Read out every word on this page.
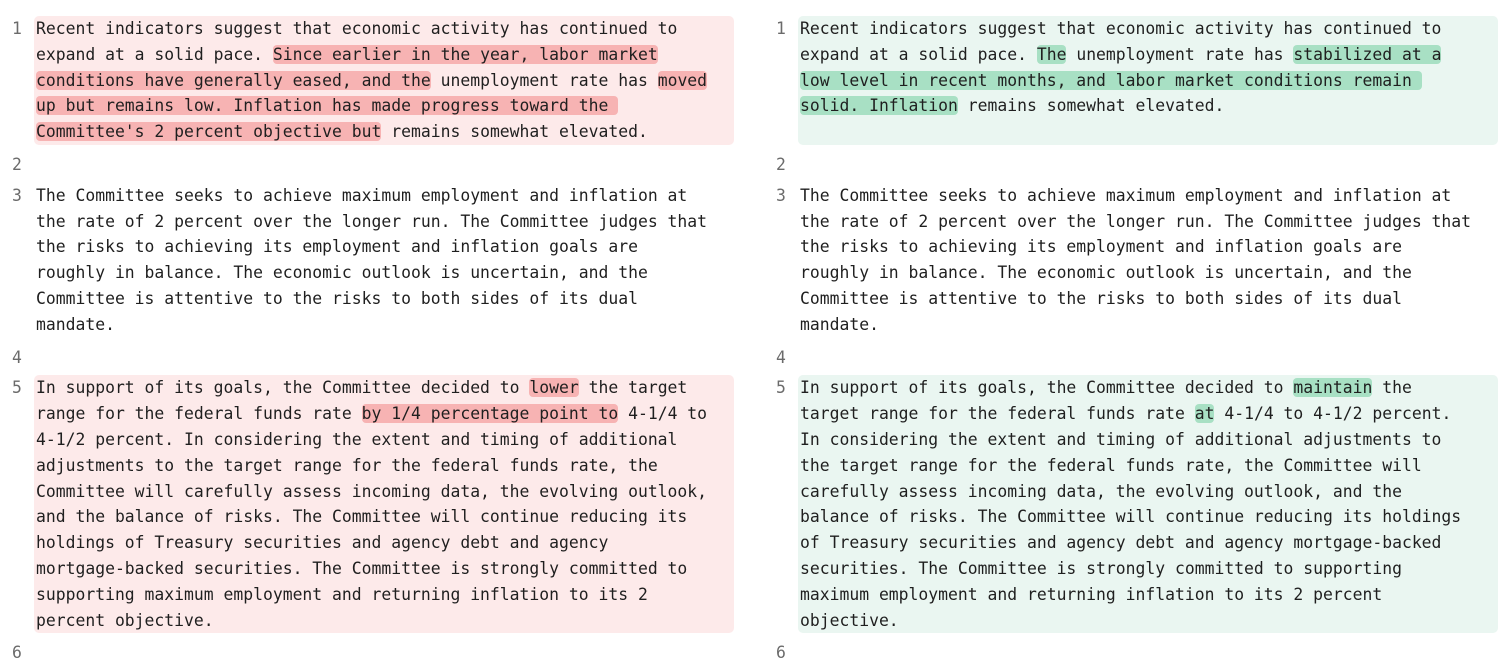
1 Recent indicators suggest that economic activity has continued to
expand at a solid pace. Since earlier in the year, labor market
conditions have generally eased, and the unemployment rate has moved
up but remains low. Inflation has made progress toward the
Committee's 2 percent objective but remains somewhat elevated.
2
3 The Committee seeks to achieve maximum employment and inflation at
the rate of 2 percent over the longer run. The Committee judges that
the risks to achieving its employment and inflation goals are
roughly in balance. The economic outlook is uncertain, and the
Committee is attentive to the risks to both sides of its dual
mandate.
4
5 In support of its goals, the Committee decided to lower the target
range for the federal funds rate by 1/4 percentage point to 4-1/4 to
4-1/2 percent. In considering the extent and timing of additional
adjustments to the target range for the federal funds rate, the
Committee will carefully assess incoming data, the evolving outlook,
and the balance of risks. The Committee will continue reducing its
holdings of Treasury securities and agency debt and agency
mortgage-backed securities. The Committee is strongly committed to
supporting maximum employment and returning inflation to its 2
percent objective.
6
1 Recent indicators suggest that economic activity has continued to
expand at a solid pace. The unemployment rate has stabilized at a
low level in recent months, and labor market conditions remain
solid. Inflation remains somewhat elevated.
2
3 The Committee seeks to achieve maximum employment and inflation at
the rate of 2 percent over the longer run. The Committee judges that
the risks to achieving its employment and inflation goals are
roughly in balance. The economic outlook is uncertain, and the
Committee is attentive to the risks to both sides of its dual
mandate.
4
5 In support of its goals, the Committee decided to maintain the
target range for the federal funds rate at 4-1/4 to 4-1/2 percent.
In considering the extent and timing of additional adjustments to
the target range for the federal funds rate, the Committee will
carefully assess incoming data, the evolving outlook, and the
balance of risks. The Committee will continue reducing its holdings
of Treasury securities and agency debt and agency mortgage-backed
securities. The Committee is strongly committed to supporting
maximum employment and returning inflation to its 2 percent
objective.
6
